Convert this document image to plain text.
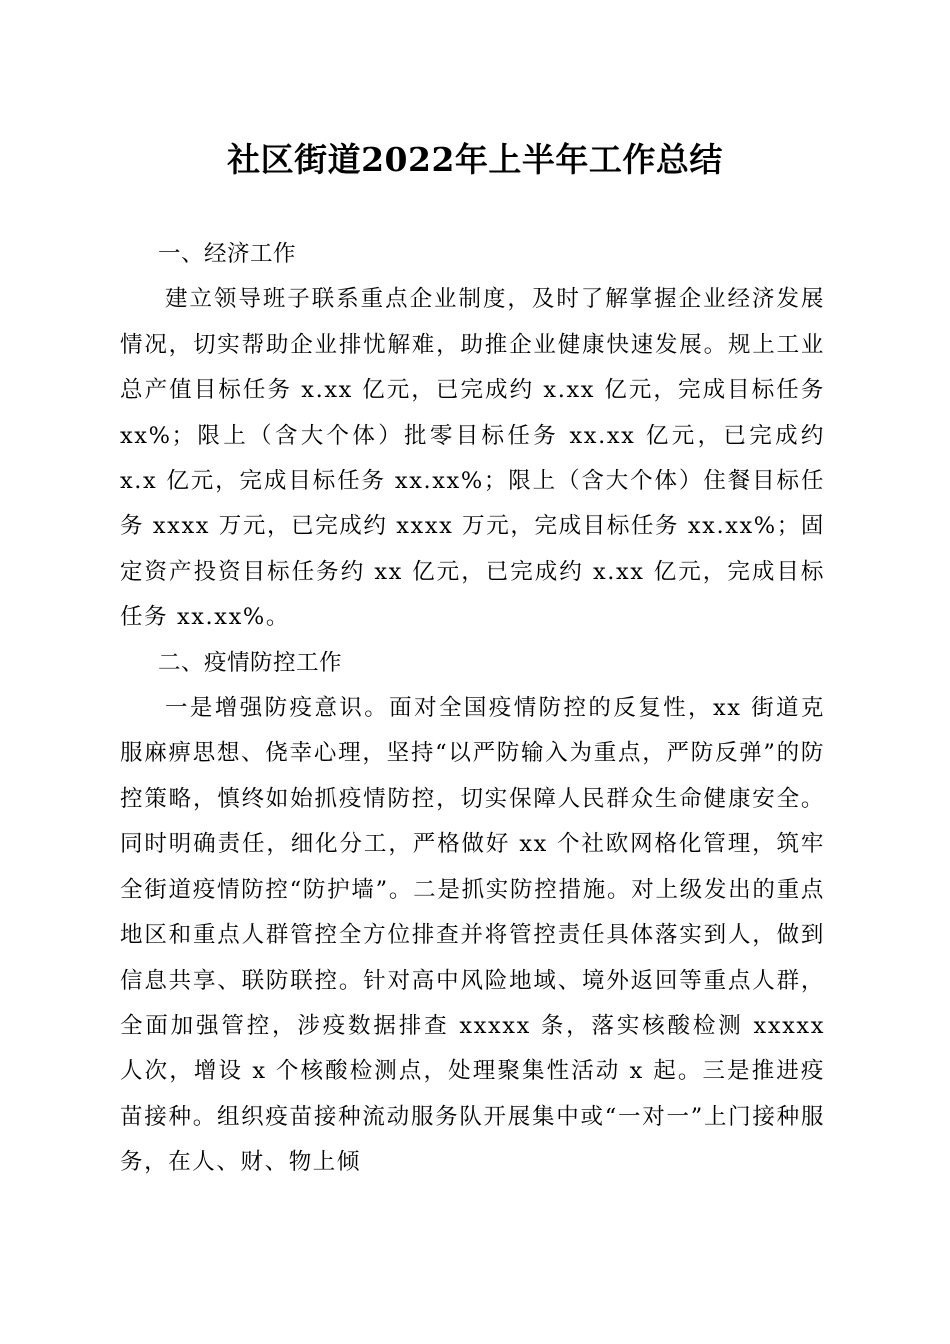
社区街道2022年上半年工作总结
一、经济工作

建立领导班子联系重点企业制度，及时了解掌握企业经济发展情况，切实帮助企业排忧解难，助推企业健康快速发展。规上工业总产值目标任务 x.xx 亿元，已完成约 x.xx 亿元，完成目标任务 xx%；限上（含大个体）批零目标任务 xx.xx 亿元，已完成约 x.x 亿元，完成目标任务 xx.xx%；限上（含大个体）住餐目标任务 xxxx 万元，已完成约 xxxx 万元，完成目标任务 xx.xx%；固定资产投资目标任务约 xx 亿元，已完成约 x.xx 亿元，完成目标任务 xx.xx%。

二、疫情防控工作

一是增强防疫意识。面对全国疫情防控的反复性，xx 街道克服麻痹思想、侥幸心理，坚持“以严防输入为重点，严防反弹”的防控策略，慎终如始抓疫情防控，切实保障人民群众生命健康安全。同时明确责任，细化分工，严格做好 xx 个社欧网格化管理，筑牢全街道疫情防控“防护墙”。二是抓实防控措施。对上级发出的重点地区和重点人群管控全方位排查并将管控责任具体落实到人，做到信息共享、联防联控。针对高中风险地域、境外返回等重点人群，全面加强管控，涉疫数据排查 xxxxx 条，落实核酸检测 xxxxx 人次，增设 x 个核酸检测点，处理聚集性活动 x 起。三是推进疫苗接种。组织疫苗接种流动服务队开展集中或“一对一”上门接种服务，在人、财、物上倾
